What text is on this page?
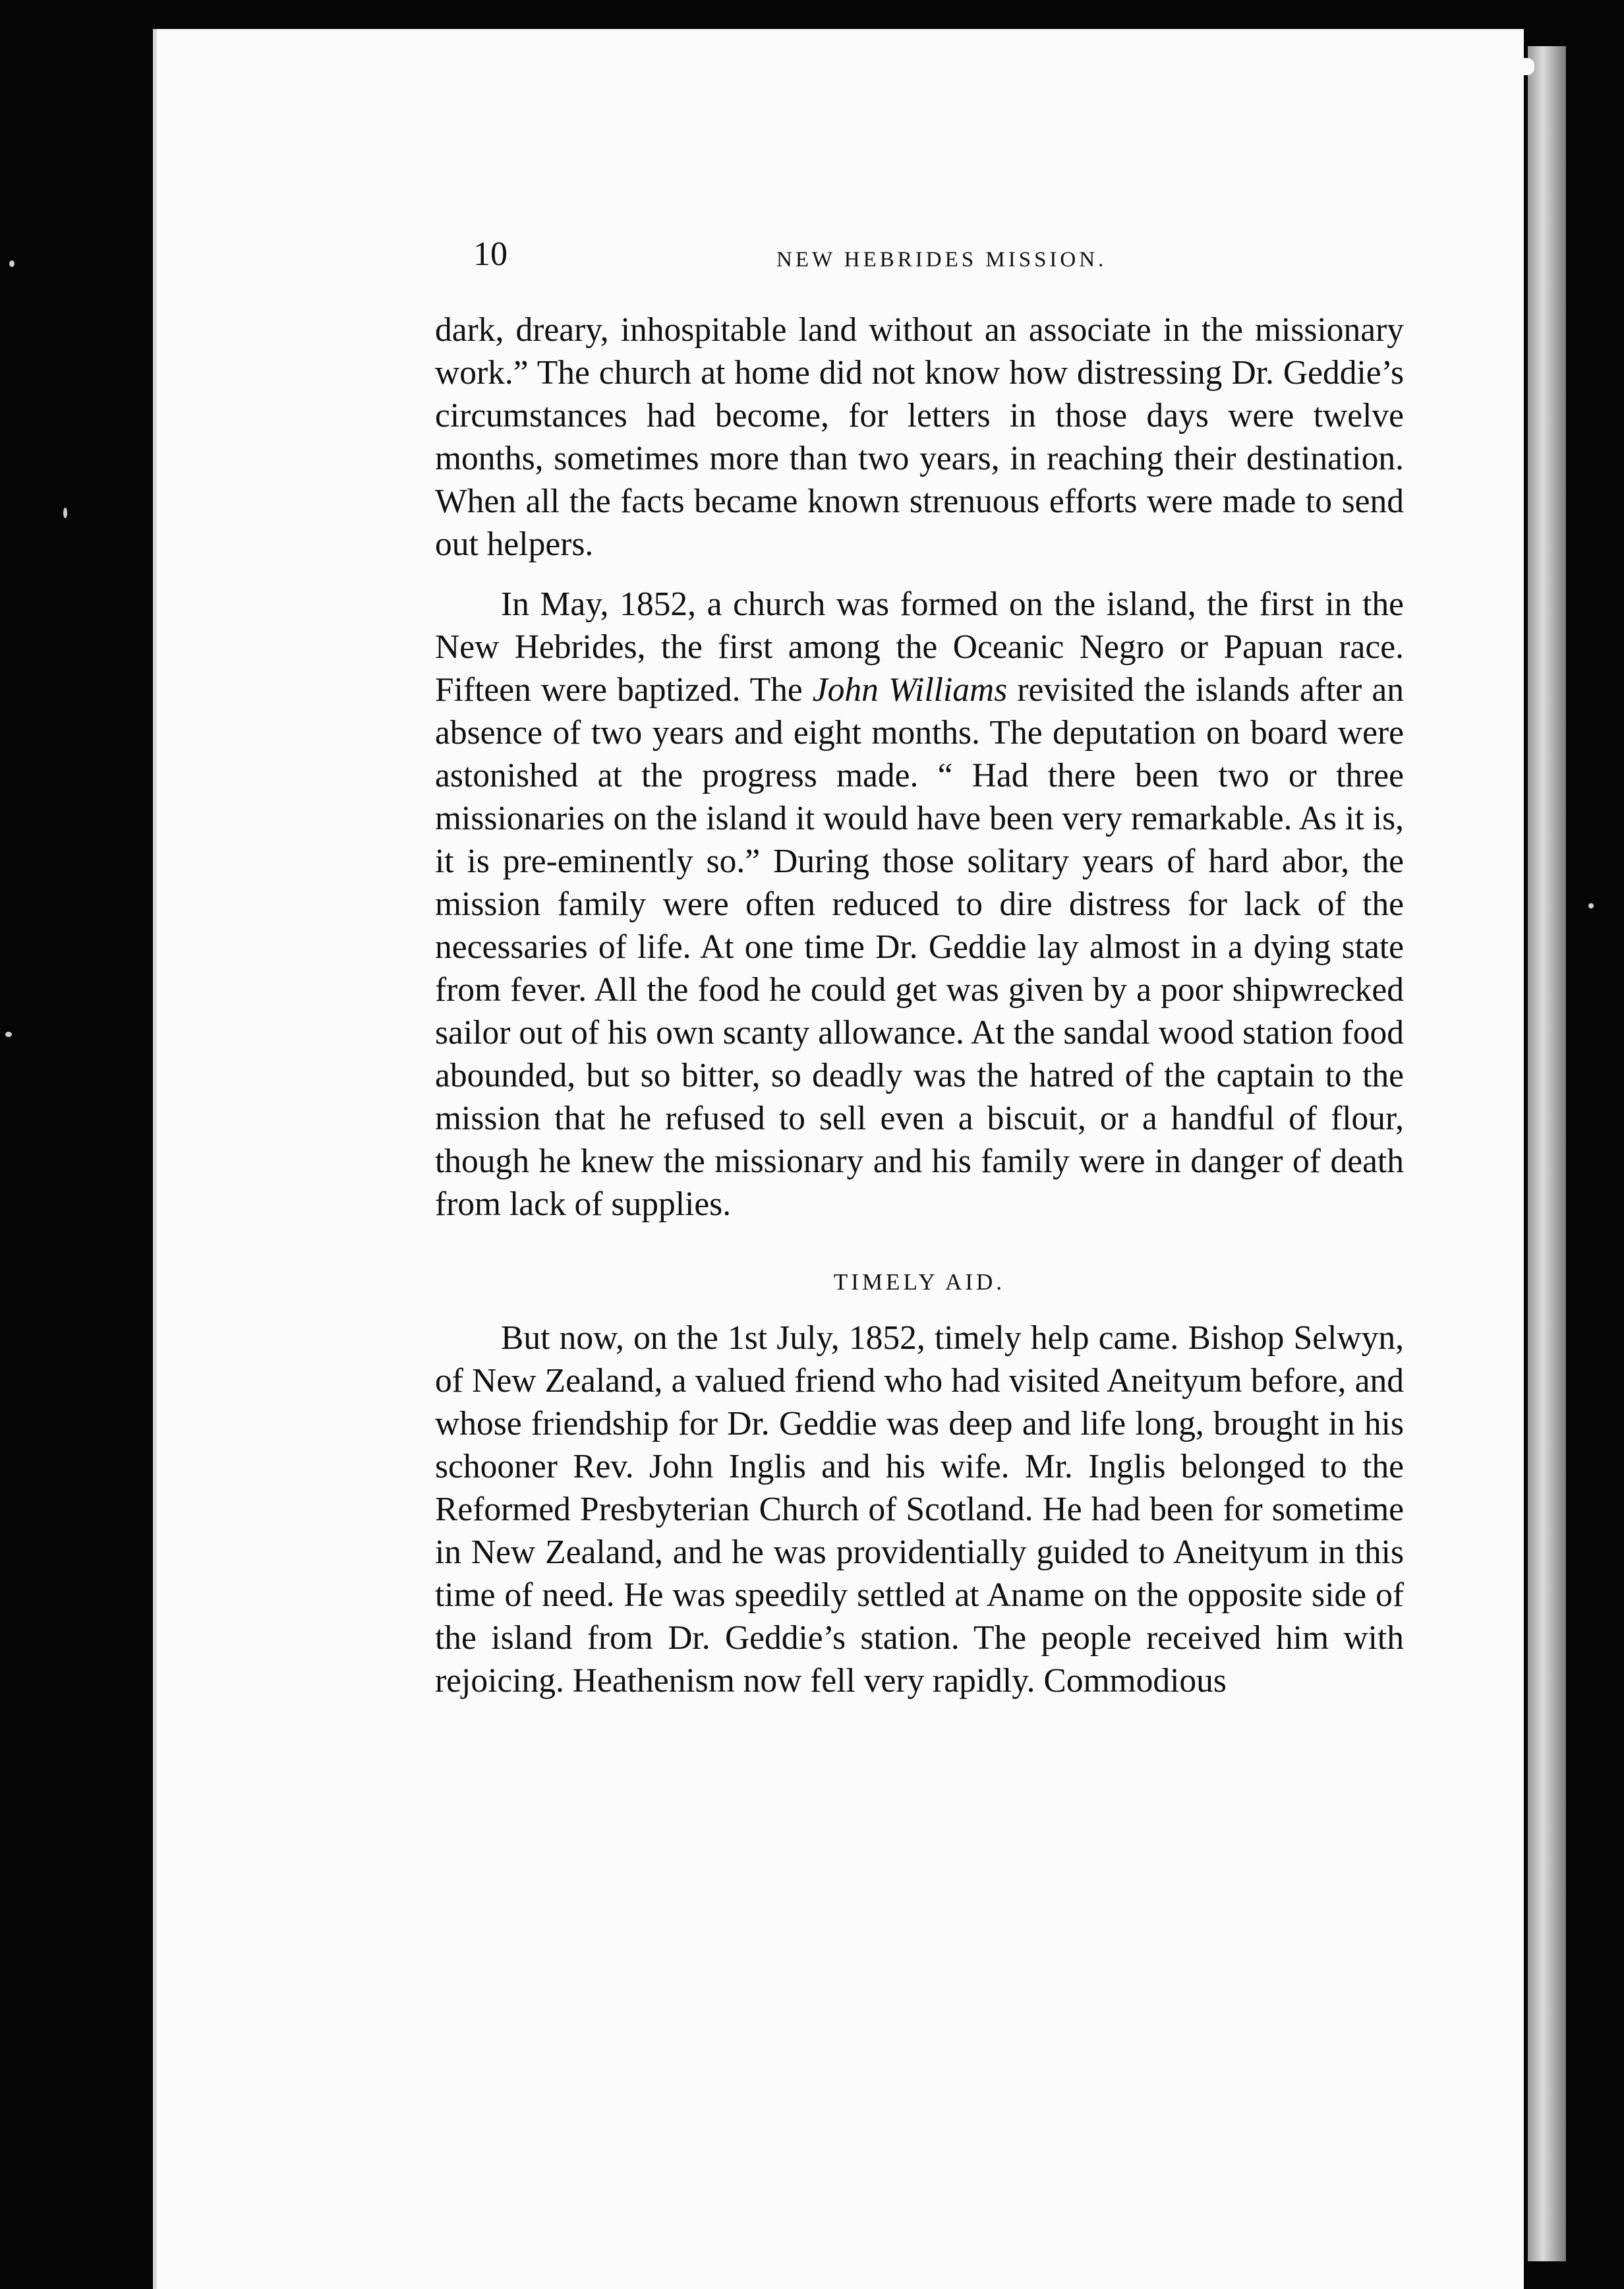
10	NEW HEBRIDES MISSION.

dark, dreary, inhospitable land without an associate in the missionary work.” The church at home did not know how distressing Dr. Geddie’s circumstances had become, for letters in those days were twelve months, sometimes more than two years, in reaching their destination. When all the facts became known strenuous efforts were made to send out helpers.

In May, 1852, a church was formed on the island, the first in the New Hebrides, the first among the Oceanic Negro or Papuan race. Fifteen were baptized. The John Williams revisited the islands after an absence of two years and eight months. The deputation on board were astonished at the progress made. “ Had there been two or three missionaries on the island it would have been very remarkable. As it is, it is pre-eminently so.” During those solitary years of hard abor, the mission family were often reduced to dire distress for lack of the necessaries of life. At one time Dr. Geddie lay almost in a dying state from fever. All the food he could get was given by a poor shipwrecked sailor out of his own scanty allowance. At the sandal wood station food abounded, but so bitter, so deadly was the hatred of the captain to the mission that he refused to sell even a biscuit, or a handful of flour, though he knew the missionary and his family were in danger of death from lack of supplies.

TIMELY AID.

But now, on the 1st July, 1852, timely help came. Bishop Selwyn, of New Zealand, a valued friend who had visited Aneityum before, and whose friendship for Dr. Geddie was deep and life long, brought in his schooner Rev. John Inglis and his wife. Mr. Inglis belonged to the Reformed Presbyterian Church of Scotland. He had been for sometime in New Zealand, and he was providentially guided to Aneityum in this time of need. He was speedily settled at Aname on the opposite side of the island from Dr. Geddie’s station. The people received him with rejoicing. Heathenism now fell very rapidly. Commodious
